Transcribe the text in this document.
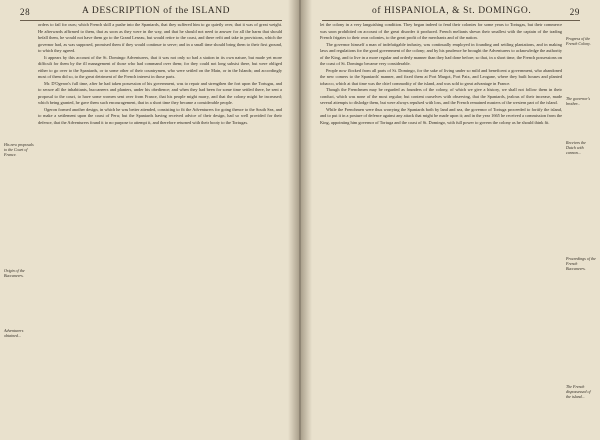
28	A DESCRIPTION of the ISLAND
His new proposals to the Court of France.
Origin of the Buccaneers.
Adventurers obtained...

orders to fail for ours; which French skill a pushe into the Spaniards, that they suffered him to go quietly over, that it was of great weight. He afterwards affirmed to them, that as soon as they were in the way, and that he should not need to answer for all the harm that should befall them, he would not have them go to the Grand Leseau, but would retire to the coast, and there refit and take in provisions, which the governor had, as was supposed, promised them if they would continue to serve; and in a small time should bring them to their first ground, to which they agreed.

It appears by this account of the St. Domingo Adventurers, that it was not only so bad a station in its own nature, but made yet more difficult for them by the ill management of those who had command over them; for they could not long subsist there, but were obliged either to go over to the Spaniards, or to some other of their countrymen, who were settled on the Main, or in the Islands; and accordingly most of them did so, to the great detriment of the French interest in those parts.

Mr. D'Ogeron's full time, after he had taken possession of his government, was to repair and strengthen the fort upon the Tortugas, and to secure all the inhabitants, buccaneers and planters, under his obedience; and when they had been for some time settled there, he sent a proposal to the court, to have some women sent over from France, that his people might marry, and that the colony might be increased; which being granted, he gave them such encouragement, that in a short time they became a considerable people.

Ogeron formed another design, in which he was better attended, consisting to fit the Adventurers for going thence to the South Sea, and to make a settlement upon the coast of Peru; but the Spaniards having received advice of their design, had so well provided for their defence, that the Adventurers found it to no purpose to attempt it, and therefore returned with their booty to the Tortugas.

of HISPANIOLA, & St. DOMINGO.	29

let the colony in a very languishing condition. They began indeed to fend their colonies for some years to Tortugas, but their commerce was soon prohibited on account of the great disorder it produced. French meliants shewn their smallest with the captain of the trading French frigates to their own colonies, to the great profit of the merchants and of the nation.

The governor himself a man of indefatigable industry, was continually employed in founding and settling plantations, and in making laws and regulations for the good government of the colony; and by his prudence he brought the Adventurers to acknowledge the authority of the King, and to live in a more regular and orderly manner than they had done before; so that, in a short time, the French possessions on the coast of St. Domingo became very considerable.

People now flocked from all parts of St. Domingo, for the sake of living under so mild and beneficent a government, who abandoned the new comers to the Spaniards' manner, and fixed them at Port Margot, Port Paix, and Leogane, where they built houses and planted tobacco, which at that time was the chief commodity of the island, and was sold to great advantage in France.

Though the Frenchmen may be regarded as founders of the colony, of which we give a history, we shall not follow them in their conduct, which was none of the most regular; but content ourselves with observing, that the Spaniards, jealous of their increase, made several attempts to dislodge them, but were always repulsed with loss, and the French remained masters of the western part of the island.

While the Frenchmen were thus worrying the Spaniards both by land and sea, the governor of Tortuga proceeded to fortify the island, and to put it in a posture of defence against any attack that might be made upon it; and in the year 1665 he received a commission from the King, appointing him governor of Tortuga and the coast of St. Domingo, with full power to govern the colony as he should think fit.

Progress of the French Colony.
The governor's brother...
Receives the Dutch with cannon...
Proceedings of the French Buccaneers.
The French dispossessed of the island...
